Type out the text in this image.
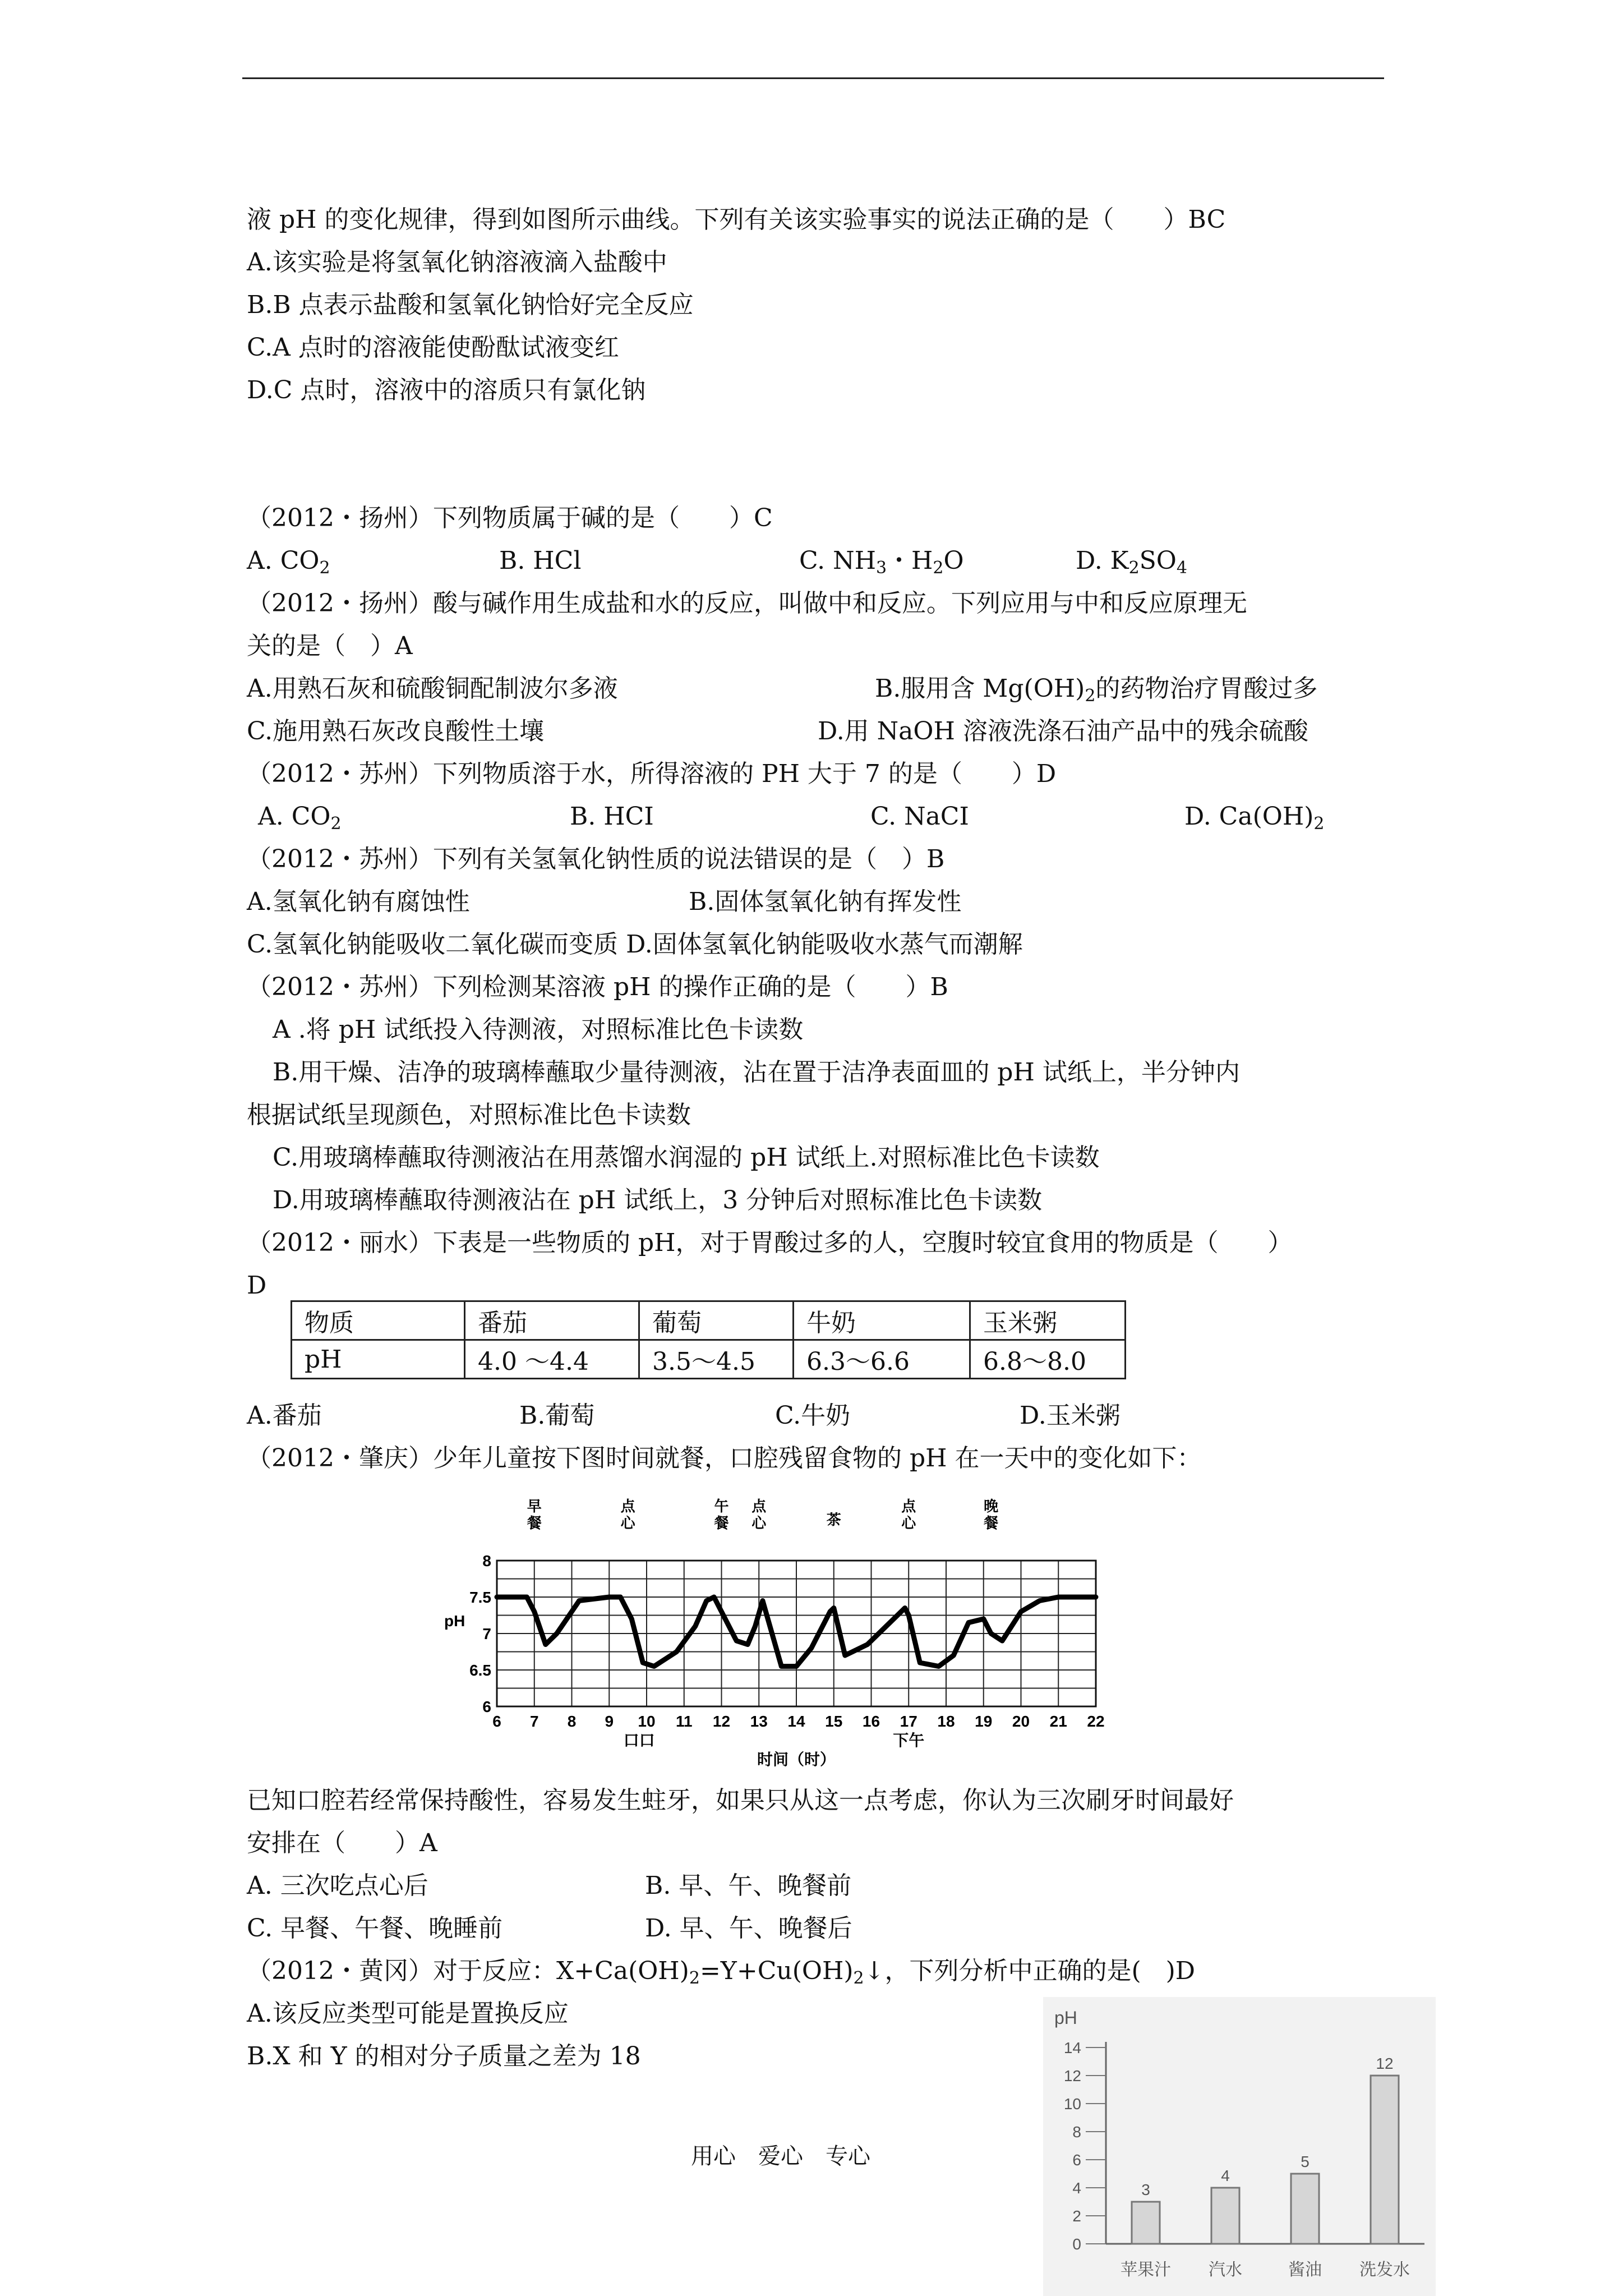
液 pH 的变化规律，得到如图所示曲线。下列有关该实验事实的说法正确的是（　　）BC
A.该实验是将氢氧化钠溶液滴入盐酸中
B.B 点表示盐酸和氢氧化钠恰好完全反应
C.A 点时的溶液能使酚酞试液变红
D.C 点时，溶液中的溶质只有氯化钠
（2012・扬州）下列物质属于碱的是（　　）C
A. $CO_2$	B. HCl	C. $NH_3$・$H_2O$	D. $K_2SO_4$
（2012・扬州）酸与碱作用生成盐和水的反应，叫做中和反应。下列应用与中和反应原理无
关的是（　）A
A.用熟石灰和硫酸铜配制波尔多液	B.服用含 $Mg(OH)_2$的药物治疗胃酸过多
C.施用熟石灰改良酸性土壤	D.用 NaOH 溶液洗涤石油产品中的残余硫酸
（2012・苏州）下列物质溶于水，所得溶液的 PH 大于 7 的是（　　）D
A. $CO_2$	B. HCI	C. NaCI	D. $Ca(OH)_2$
（2012・苏州）下列有关氢氧化钠性质的说法错误的是（　）B
A.氢氧化钠有腐蚀性	B.固体氢氧化钠有挥发性
C.氢氧化钠能吸收二氧化碳而变质 D.固体氢氧化钠能吸收水蒸气而潮解
（2012・苏州）下列检测某溶液 pH 的操作正确的是（　　）B
A .将 pH 试纸投入待测液，对照标准比色卡读数
B.用干燥、洁净的玻璃棒蘸取少量待测液，沾在置于洁净表面皿的 pH 试纸上，半分钟内
根据试纸呈现颜色，对照标准比色卡读数
C.用玻璃棒蘸取待测液沾在用蒸馏水润湿的 pH 试纸上.对照标准比色卡读数
D.用玻璃棒蘸取待测液沾在 pH 试纸上，3 分钟后对照标准比色卡读数
（2012・丽水）下表是一些物质的 pH，对于胃酸过多的人，空腹时较宜食用的物质是（　　）
D
物质	番茄	葡萄	牛奶	玉米粥
pH	4.0 ～4.4	3.5～4.5	6.3～6.6	6.8～8.0
A.番茄	B.葡萄	C.牛奶	D.玉米粥
（2012・肇庆）少年儿童按下图时间就餐，口腔残留食物的 pH 在一天中的变化如下：
6 7 8 9 10 11 12 13 14 15 16 17 18 19 20 21 22
6
6.5
7
7.5
8
pH
时间（时）
早
餐
点
心
午
餐
点
心	茶
点
心
晚
餐
口口	下午
已知口腔若经常保持酸性，容易发生蛀牙，如果只从这一点考虑，你认为三次刷牙时间最好
安排在（　　）A
A. 三次吃点心后	B. 早、午、晚餐前
C. 早餐、午餐、晚睡前	D. 早、午、晚餐后
（2012・黄冈）对于反应：$X+Ca(OH)_2=Y+Cu(OH)_2↓$，下列分析中正确的是(　)D
A.该反应类型可能是置换反应
B.X 和 Y 的相对分子质量之差为 18
pH
0
2
4
6
8
10
12
14
3
苹果汁
4
汽水
5
酱油
12
洗发水
用心　爱心　专心
